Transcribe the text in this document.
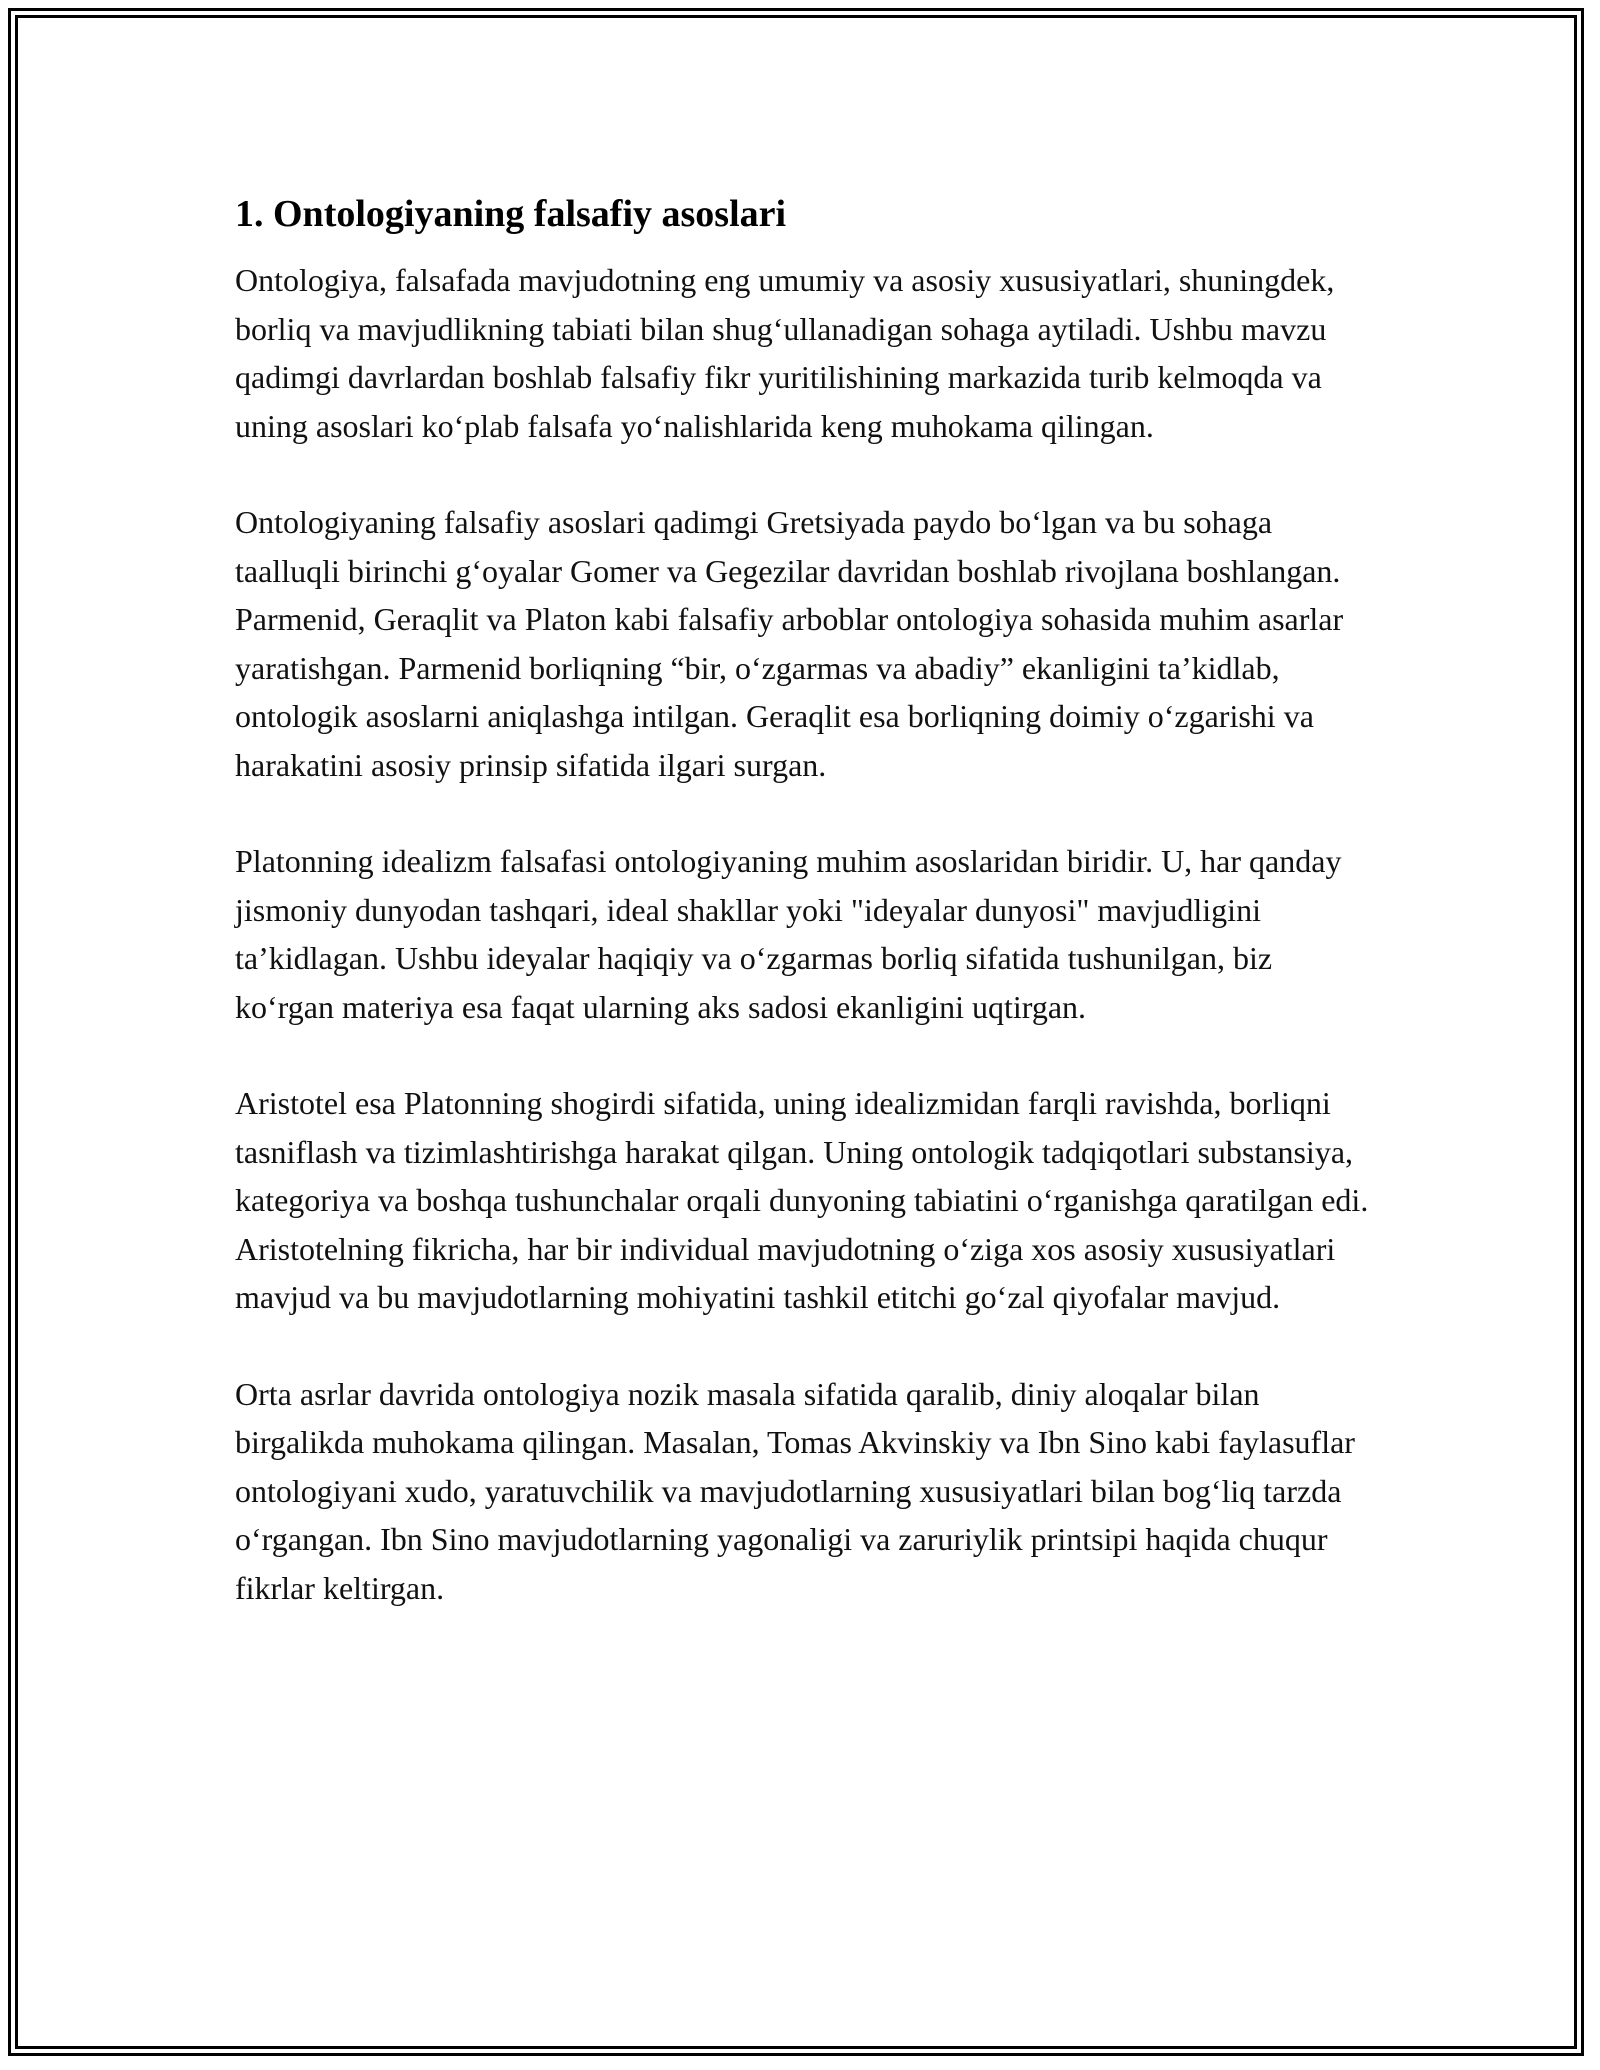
1. Ontologiyaning falsafiy asoslari

Ontologiya, falsafada mavjudotning eng umumiy va asosiy xususiyatlari, shuningdek, borliq va mavjudlikning tabiati bilan shug‘ullanadigan sohaga aytiladi. Ushbu mavzu qadimgi davrlardan boshlab falsafiy fikr yuritilishining markazida turib kelmoqda va uning asoslari ko‘plab falsafa yo‘nalishlarida keng muhokama qilingan.

Ontologiyaning falsafiy asoslari qadimgi Gretsiyada paydo bo‘lgan va bu sohaga taalluqli birinchi g‘oyalar Gomer va Gegezilar davridan boshlab rivojlana boshlangan. Parmenid, Geraqlit va Platon kabi falsafiy arboblar ontologiya sohasida muhim asarlar yaratishgan. Parmenid borliqning “bir, o‘zgarmas va abadiy” ekanligini ta’kidlab, ontologik asoslarni aniqlashga intilgan. Geraqlit esa borliqning doimiy o‘zgarishi va harakatini asosiy prinsip sifatida ilgari surgan.

Platonning idealizm falsafasi ontologiyaning muhim asoslaridan biridir. U, har qanday jismoniy dunyodan tashqari, ideal shakllar yoki "ideyalar dunyosi" mavjudligini ta’kidlagan. Ushbu ideyalar haqiqiy va o‘zgarmas borliq sifatida tushunilgan, biz ko‘rgan materiya esa faqat ularning aks sadosi ekanligini uqtirgan.

Aristotel esa Platonning shogirdi sifatida, uning idealizmidan farqli ravishda, borliqni tasniflash va tizimlashtirishga harakat qilgan. Uning ontologik tadqiqotlari substansiya, kategoriya va boshqa tushunchalar orqali dunyoning tabiatini o‘rganishga qaratilgan edi. Aristotelning fikricha, har bir individual mavjudotning o‘ziga xos asosiy xususiyatlari mavjud va bu mavjudotlarning mohiyatini tashkil etitchi go‘zal qiyofalar mavjud.

Orta asrlar davrida ontologiya nozik masala sifatida qaralib, diniy aloqalar bilan birgalikda muhokama qilingan. Masalan, Tomas Akvinskiy va Ibn Sino kabi faylasuflar ontologiyani xudo, yaratuvchilik va mavjudotlarning xususiyatlari bilan bog‘liq tarzda o‘rgangan. Ibn Sino mavjudotlarning yagonaligi va zaruriylik printsipi haqida chuqur fikrlar keltirgan.
